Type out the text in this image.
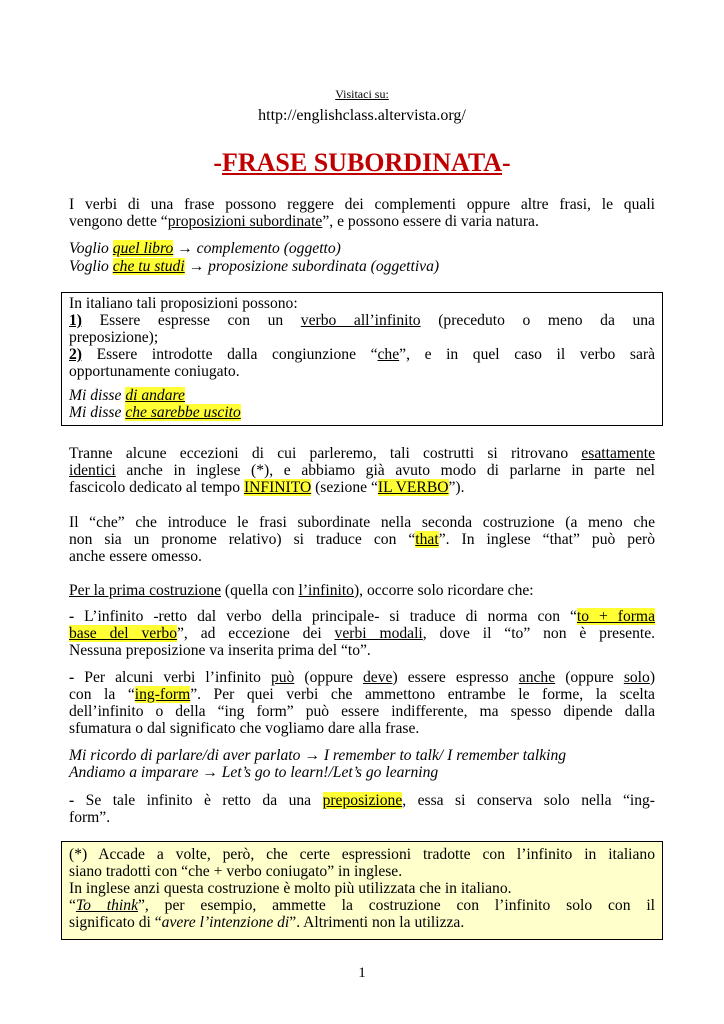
Visitaci su:
http://englishclass.altervista.org/
-FRASE SUBORDINATA-
I verbi di una frase possono reggere dei complementi oppure altre frasi, le quali
vengono dette “proposizioni subordinate”, e possono essere di varia natura.
Voglio quel libro → complemento (oggetto)
Voglio che tu studi → proposizione subordinata (oggettiva)
In italiano tali proposizioni possono:
1) Essere espresse con un verbo all’infinito (preceduto o meno da una
preposizione);
2) Essere introdotte dalla congiunzione “che”, e in quel caso il verbo sarà
opportunamente coniugato.
Mi disse di andare
Mi disse che sarebbe uscito
Tranne alcune eccezioni di cui parleremo, tali costrutti si ritrovano esattamente
identici anche in inglese (*), e abbiamo già avuto modo di parlarne in parte nel
fascicolo dedicato al tempo INFINITO (sezione “IL VERBO”).
Il “che” che introduce le frasi subordinate nella seconda costruzione (a meno che
non sia un pronome relativo) si traduce con “that”. In inglese “that” può però
anche essere omesso.
Per la prima costruzione (quella con l’infinito), occorre solo ricordare che:
- L’infinito -retto dal verbo della principale- si traduce di norma con “to + forma
base del verbo”, ad eccezione dei verbi modali, dove il “to” non è presente.
Nessuna preposizione va inserita prima del “to”.
- Per alcuni verbi l’infinito può (oppure deve) essere espresso anche (oppure solo)
con la “ing-form”. Per quei verbi che ammettono entrambe le forme, la scelta
dell’infinito o della “ing form” può essere indifferente, ma spesso dipende dalla
sfumatura o dal significato che vogliamo dare alla frase.
Mi ricordo di parlare/di aver parlato → I remember to talk/ I remember talking
Andiamo a imparare → Let’s go to learn!/Let’s go learning
- Se tale infinito è retto da una preposizione, essa si conserva solo nella “ing-
form”.
(*) Accade a volte, però, che certe espressioni tradotte con l’infinito in italiano
siano tradotti con “che + verbo coniugato” in inglese.
In inglese anzi questa costruzione è molto più utilizzata che in italiano.
“To think”, per esempio, ammette la costruzione con l’infinito solo con il
significato di “avere l’intenzione di”. Altrimenti non la utilizza.
1
